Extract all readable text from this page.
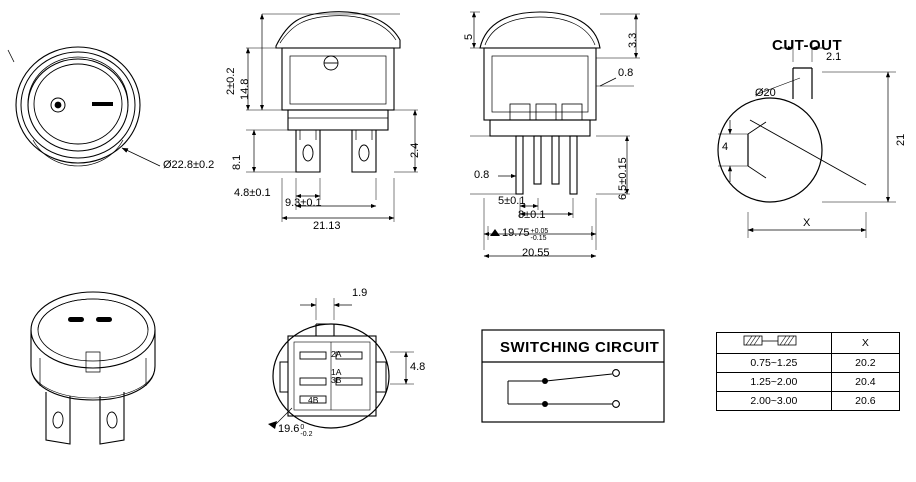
Ø22.8±0.2
14.8
2±0.2
8.1
2.4
4.8±0.1
9.3±0.1
21.13
5	3.3
0.8
0.8
5±0.1
8±0.1
6.5±0.15
19.75+0.05
-0.15
20.55
CUT-OUT
2.1
Ø20
4
21
X
1.9
4.8
19.60
-0.2
2A
1A
3B
4B
SWITCHING CIRCUIT
		X
0.75~1.25	20.2
1.25~2.00	20.4
2.00~3.00	20.6
